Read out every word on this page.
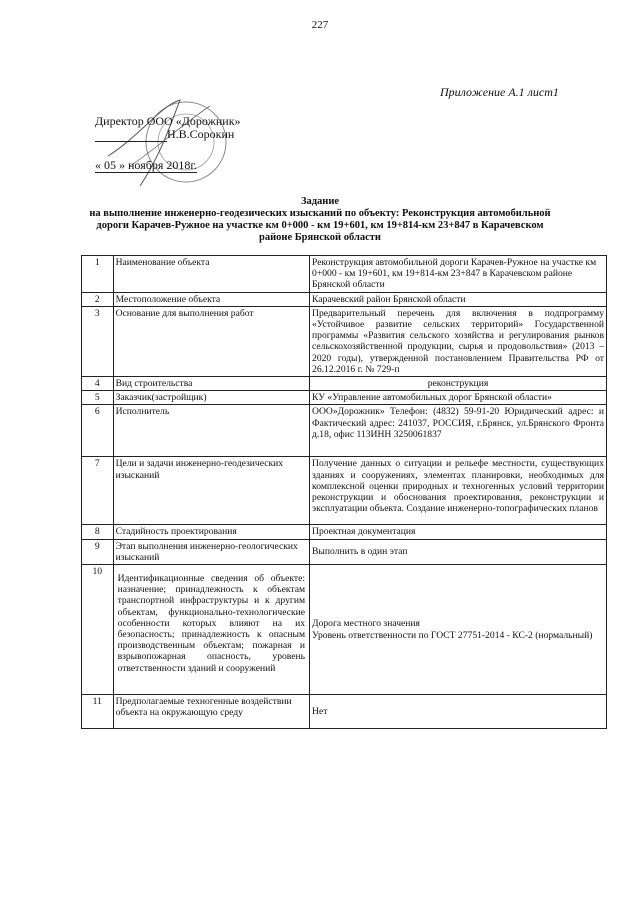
227
Приложение А.1 лист1
Директор ООО «Дорожник»
Н.В.Сорокин
« 05 » ноября 2018г.
Задание
на выполнение инженерно-геодезических изысканий по объекту: Реконструкция автомобильной дороги Карачев-Ружное на участке км 0+000 - км 19+601, км 19+814-км 23+847 в Карачевском районе Брянской области
1	Наименование объекта	Реконструкция автомобильной дороги Карачев-Ружное на участке км 0+000 - км 19+601, км 19+814-км 23+847 в Карачевском районе Брянской области
2	Местоположение объекта	Карачевский район Брянской области
3	Основание для выполнения работ	Предварительный перечень для включения в подпрограмму «Устойчивое развитие сельских территорий» Государственной программы «Развития сельского хозяйства и регулирования рынков сельскохозяйственной продукции, сырья и продовольствия» (2013 – 2020 годы), утвержденной постановлением Правительства РФ от 26.12.2016 г. № 729-п
4	Вид строительства	реконструкция
5	Заказчик(застройщик)	КУ «Управление автомобильных дорог Брянской области»
6	Исполнитель	ООО»Дорожник» Телефон: (4832) 59-91-20 Юридический адрес: и Фактический адрес: 241037, РОССИЯ, г.Брянск, ул.Брянского Фронта д.18, офис 113ИНН 3250061837
7	Цели и задачи инженерно-геодезических изысканий	Получение данных о ситуации и рельефе местности, существующих зданиях и сооружениях, элементах планировки, необходимых для комплексной оценки природных и техногенных условий территории реконструкции и обоснования проектирования, реконструкции и эксплуатации объекта. Создание инженерно-топографических планов
8	Стадийность проектирования	Проектная документация
9	Этап выполнения инженерно-геологических изысканий	Выполнить в один этап
10	Идентификационные сведения об объекте: назначение; принадлежность к объектам транспортной инфраструктуры и к другим объектам, функционально-технологические особенности которых влияют на их безопасность; принадлежность к опасным производственным объектам; пожарная и взрывопожарная опасность, уровень ответственности зданий и сооружений	Дорога местного значения
Уровень ответственности по ГОСТ 27751-2014 - КС-2 (нормальный)

11	Предполагаемые техногенные воздействии объекта на окружающую среду	Нет
